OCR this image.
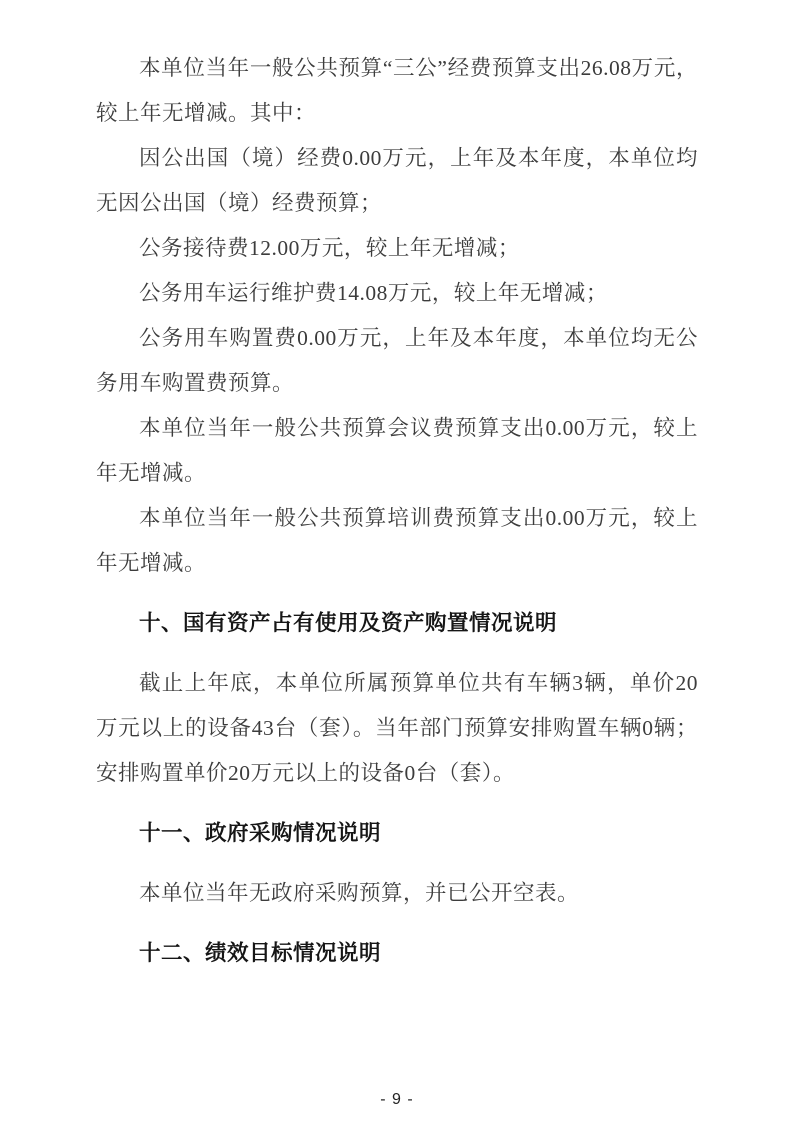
本单位当年一般公共预算“三公”经费预算支出26.08万元，较上年无增减。其中：

因公出国（境）经费0.00万元，上年及本年度，本单位均无因公出国（境）经费预算；

公务接待费12.00万元，较上年无增减；

公务用车运行维护费14.08万元，较上年无增减；

公务用车购置费0.00万元，上年及本年度，本单位均无公务用车购置费预算。

本单位当年一般公共预算会议费预算支出0.00万元，较上年无增减。

本单位当年一般公共预算培训费预算支出0.00万元，较上年无增减。

十、国有资产占有使用及资产购置情况说明

截止上年底，本单位所属预算单位共有车辆3辆，单价20万元以上的设备43台（套）。当年部门预算安排购置车辆0辆；安排购置单价20万元以上的设备0台（套）。

十一、政府采购情况说明

本单位当年无政府采购预算，并已公开空表。

十二、绩效目标情况说明
- 9 -
